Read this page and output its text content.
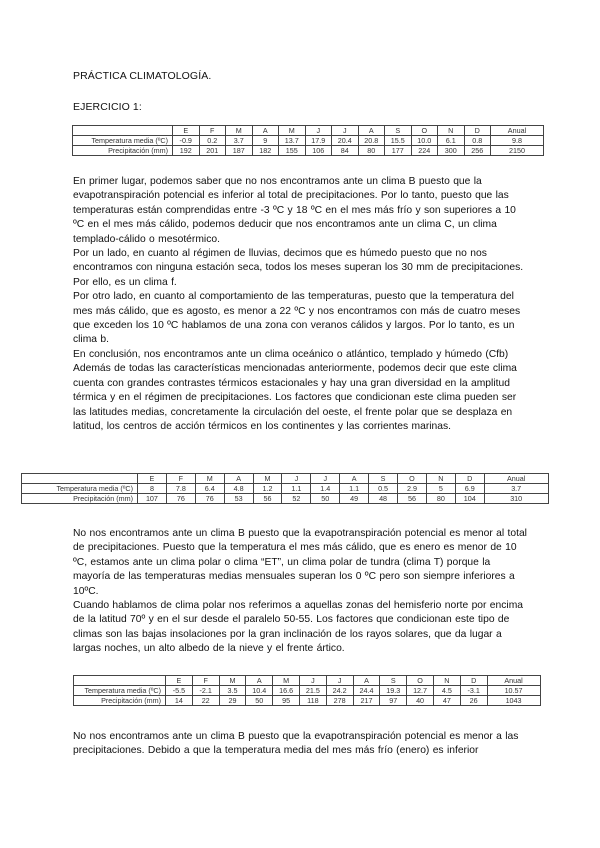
PRÁCTICA CLIMATOLOGÍA.
EJERCICIO 1:
	E	F	M	A	M	J	J	A	S	O	N	D	Anual
Temperatura media (ºC)	-0.9	0.2	3.7	9	13.7	17.9	20.4	20.8	15.5	10.0	6.1	0.8	9.8
Precipitación (mm)	192	201	187	182	155	106	84	80	177	224	300	256	2150

En primer lugar, podemos saber que no nos encontramos ante un clima B puesto que la evapotranspiración potencial es inferior al total de precipitaciones. Por lo tanto, puesto que las temperaturas están comprendidas entre -3 ºC y 18 ºC en el mes más frío y son superiores a 10 ºC en el mes más cálido, podemos deducir que nos encontramos ante un clima C, un clima templado-cálido o mesotérmico.

Por un lado, en cuanto al régimen de lluvias, decimos que es húmedo puesto que no nos encontramos con ninguna estación seca, todos los meses superan los 30 mm de precipitaciones. Por ello, es un clima f.

Por otro lado, en cuanto al comportamiento de las temperaturas, puesto que la temperatura del mes más cálido, que es agosto, es menor a 22 ºC y nos encontramos con más de cuatro meses que exceden los 10 ºC hablamos de una zona con veranos cálidos y largos. Por lo tanto, es un clima b.

En conclusión, nos encontramos ante un clima oceánico o atlántico, templado y húmedo (Cfb) Además de todas las características mencionadas anteriormente, podemos decir que este clima cuenta con grandes contrastes térmicos estacionales y hay una gran diversidad en la amplitud térmica y en el régimen de precipitaciones. Los factores que condicionan este clima pueden ser las latitudes medias, concretamente la circulación del oeste, el frente polar que se desplaza en latitud, los centros de acción térmicos en los continentes y las corrientes marinas.

	E	F	M	A	M	J	J	A	S	O	N	D	Anual
Temperatura media (ºC)	8	7.8	6.4	4.8	1.2	1.1	1.4	1.1	0.5	2.9	5	6.9	3.7
Precipitación (mm)	107	76	76	53	56	52	50	49	48	56	80	104	310

No nos encontramos ante un clima B puesto que la evapotranspiración potencial es menor al total de precipitaciones. Puesto que la temperatura el mes más cálido, que es enero es menor de 10 ºC, estamos ante un clima polar o clima “ET”, un clima polar de tundra (clima T) porque la mayoría de las temperaturas medias mensuales superan los 0 ºC pero son siempre inferiores a 10ºC.

Cuando hablamos de clima polar nos referimos a aquellas zonas del hemisferio norte por encima de la latitud 70º y en el sur desde el paralelo 50-55. Los factores que condicionan este tipo de climas son las bajas insolaciones por la gran inclinación de los rayos solares, que da lugar a largas noches, un alto albedo de la nieve y el frente ártico.

	E	F	M	A	M	J	J	A	S	O	N	D	Anual
Temperatura media (ºC)	-5.5	-2.1	3.5	10.4	16.6	21.5	24.2	24.4	19.3	12.7	4.5	-3.1	10.57
Precipitación (mm)	14	22	29	50	95	118	278	217	97	40	47	26	1043

No nos encontramos ante un clima B puesto que la evapotranspiración potencial es menor a las precipitaciones. Debido a que la temperatura media del mes más frío (enero) es inferior
